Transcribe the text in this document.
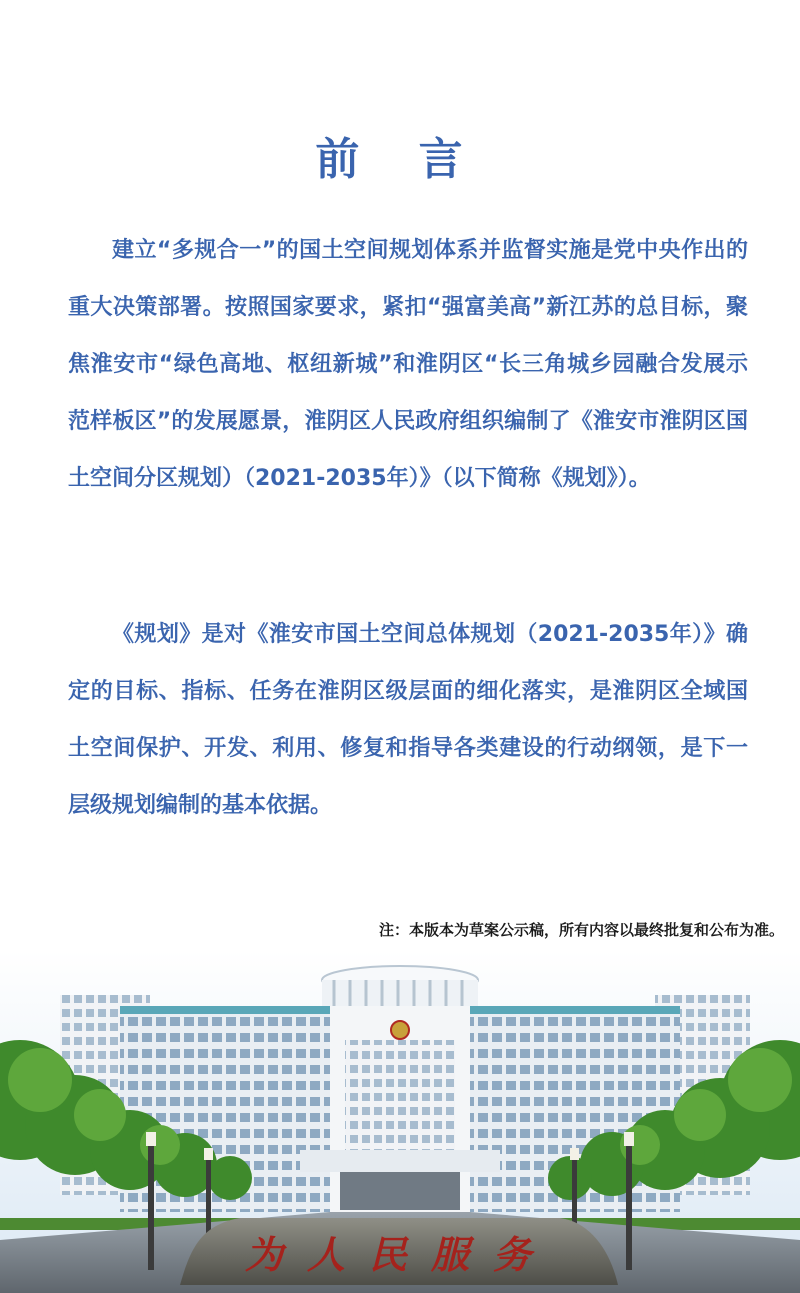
前 言

建立“多规合一”的国土空间规划体系并监督实施是党中央作出的重大决策部署。按照国家要求，紧扣“强富美高”新江苏的总目标，聚焦淮安市“绿色高地、枢纽新城”和淮阴区“长三角城乡园融合发展示范样板区”的发展愿景，淮阴区人民政府组织编制了《淮安市淮阴区国土空间分区规划）（2021-2035年）》（以下简称《规划》）。

《规划》是对《淮安市国土空间总体规划（2021-2035年）》确定的目标、指标、任务在淮阴区级层面的细化落实，是淮阴区全域国土空间保护、开发、利用、修复和指导各类建设的行动纲领，是下一层级规划编制的基本依据。

注：本版本为草案公示稿，所有内容以最终批复和公布为准。
为人民服务
